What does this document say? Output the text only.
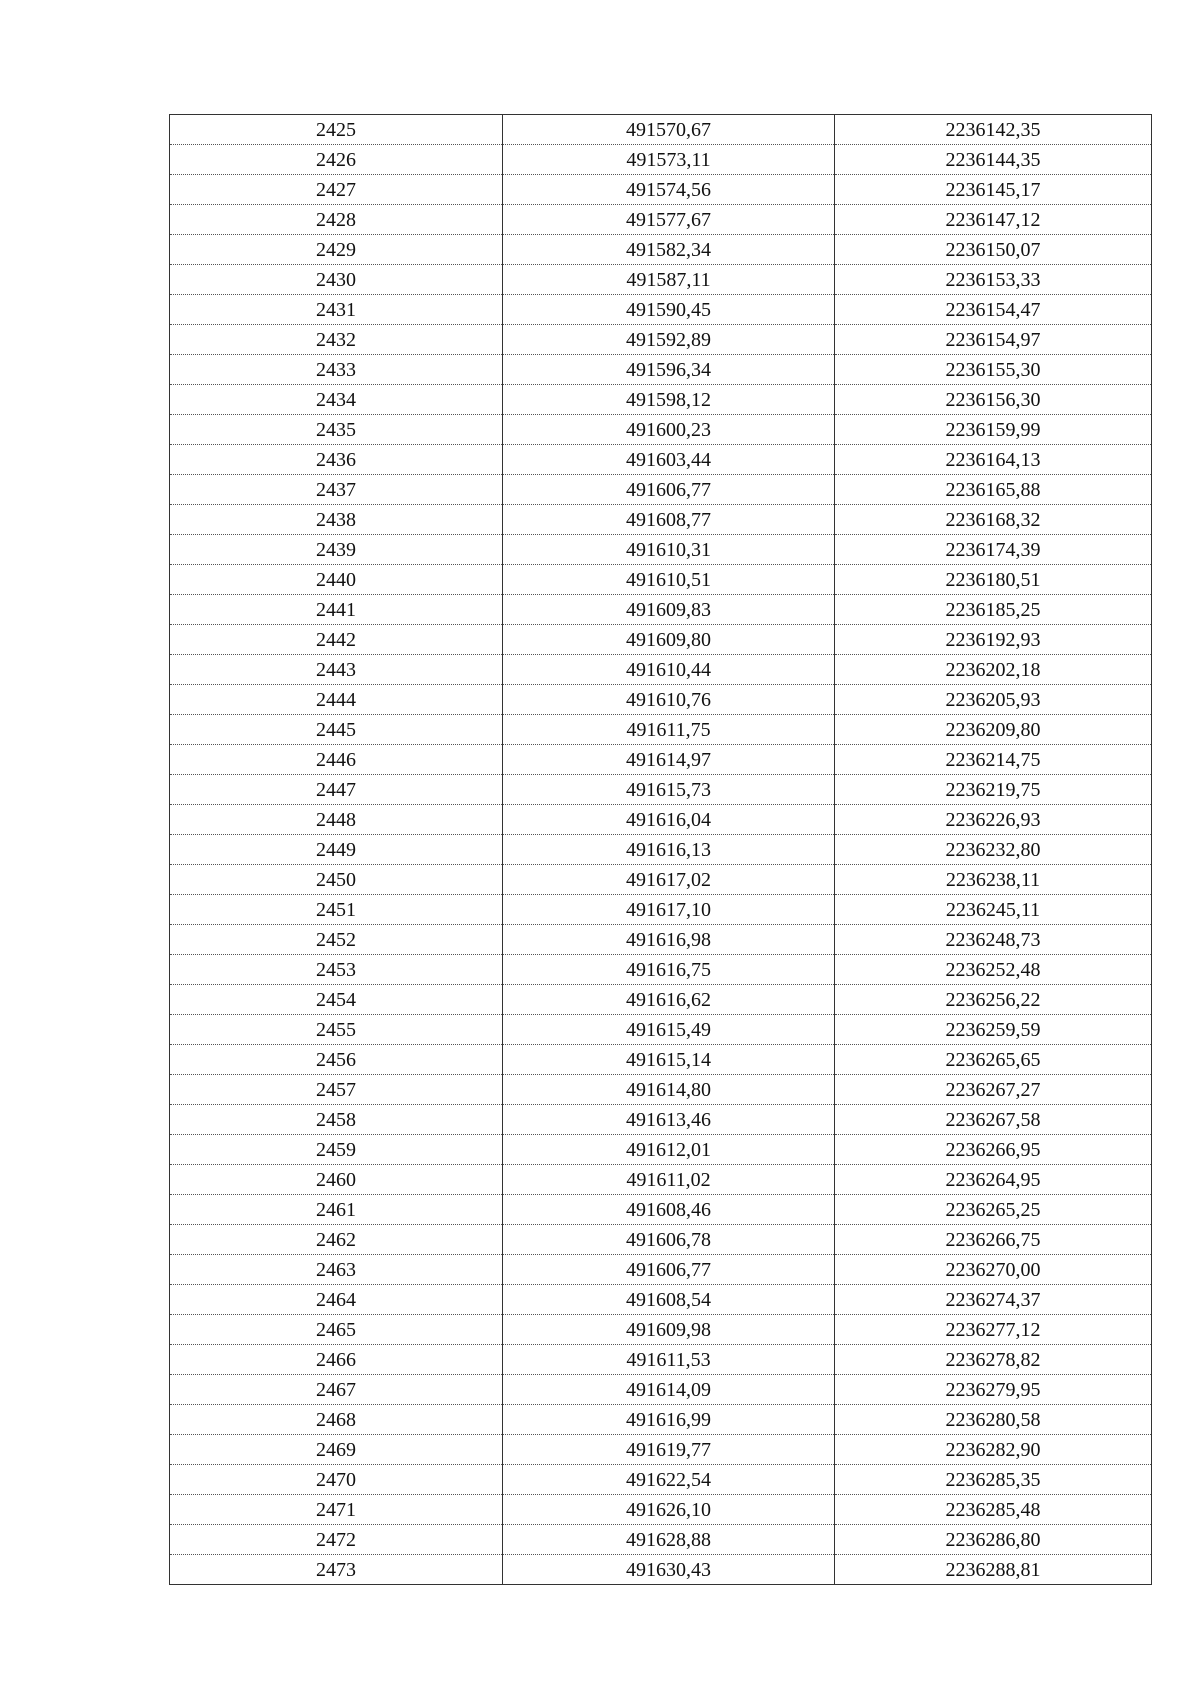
2425	491570,67	2236142,35
2426	491573,11	2236144,35
2427	491574,56	2236145,17
2428	491577,67	2236147,12
2429	491582,34	2236150,07
2430	491587,11	2236153,33
2431	491590,45	2236154,47
2432	491592,89	2236154,97
2433	491596,34	2236155,30
2434	491598,12	2236156,30
2435	491600,23	2236159,99
2436	491603,44	2236164,13
2437	491606,77	2236165,88
2438	491608,77	2236168,32
2439	491610,31	2236174,39
2440	491610,51	2236180,51
2441	491609,83	2236185,25
2442	491609,80	2236192,93
2443	491610,44	2236202,18
2444	491610,76	2236205,93
2445	491611,75	2236209,80
2446	491614,97	2236214,75
2447	491615,73	2236219,75
2448	491616,04	2236226,93
2449	491616,13	2236232,80
2450	491617,02	2236238,11
2451	491617,10	2236245,11
2452	491616,98	2236248,73
2453	491616,75	2236252,48
2454	491616,62	2236256,22
2455	491615,49	2236259,59
2456	491615,14	2236265,65
2457	491614,80	2236267,27
2458	491613,46	2236267,58
2459	491612,01	2236266,95
2460	491611,02	2236264,95
2461	491608,46	2236265,25
2462	491606,78	2236266,75
2463	491606,77	2236270,00
2464	491608,54	2236274,37
2465	491609,98	2236277,12
2466	491611,53	2236278,82
2467	491614,09	2236279,95
2468	491616,99	2236280,58
2469	491619,77	2236282,90
2470	491622,54	2236285,35
2471	491626,10	2236285,48
2472	491628,88	2236286,80
2473	491630,43	2236288,81
